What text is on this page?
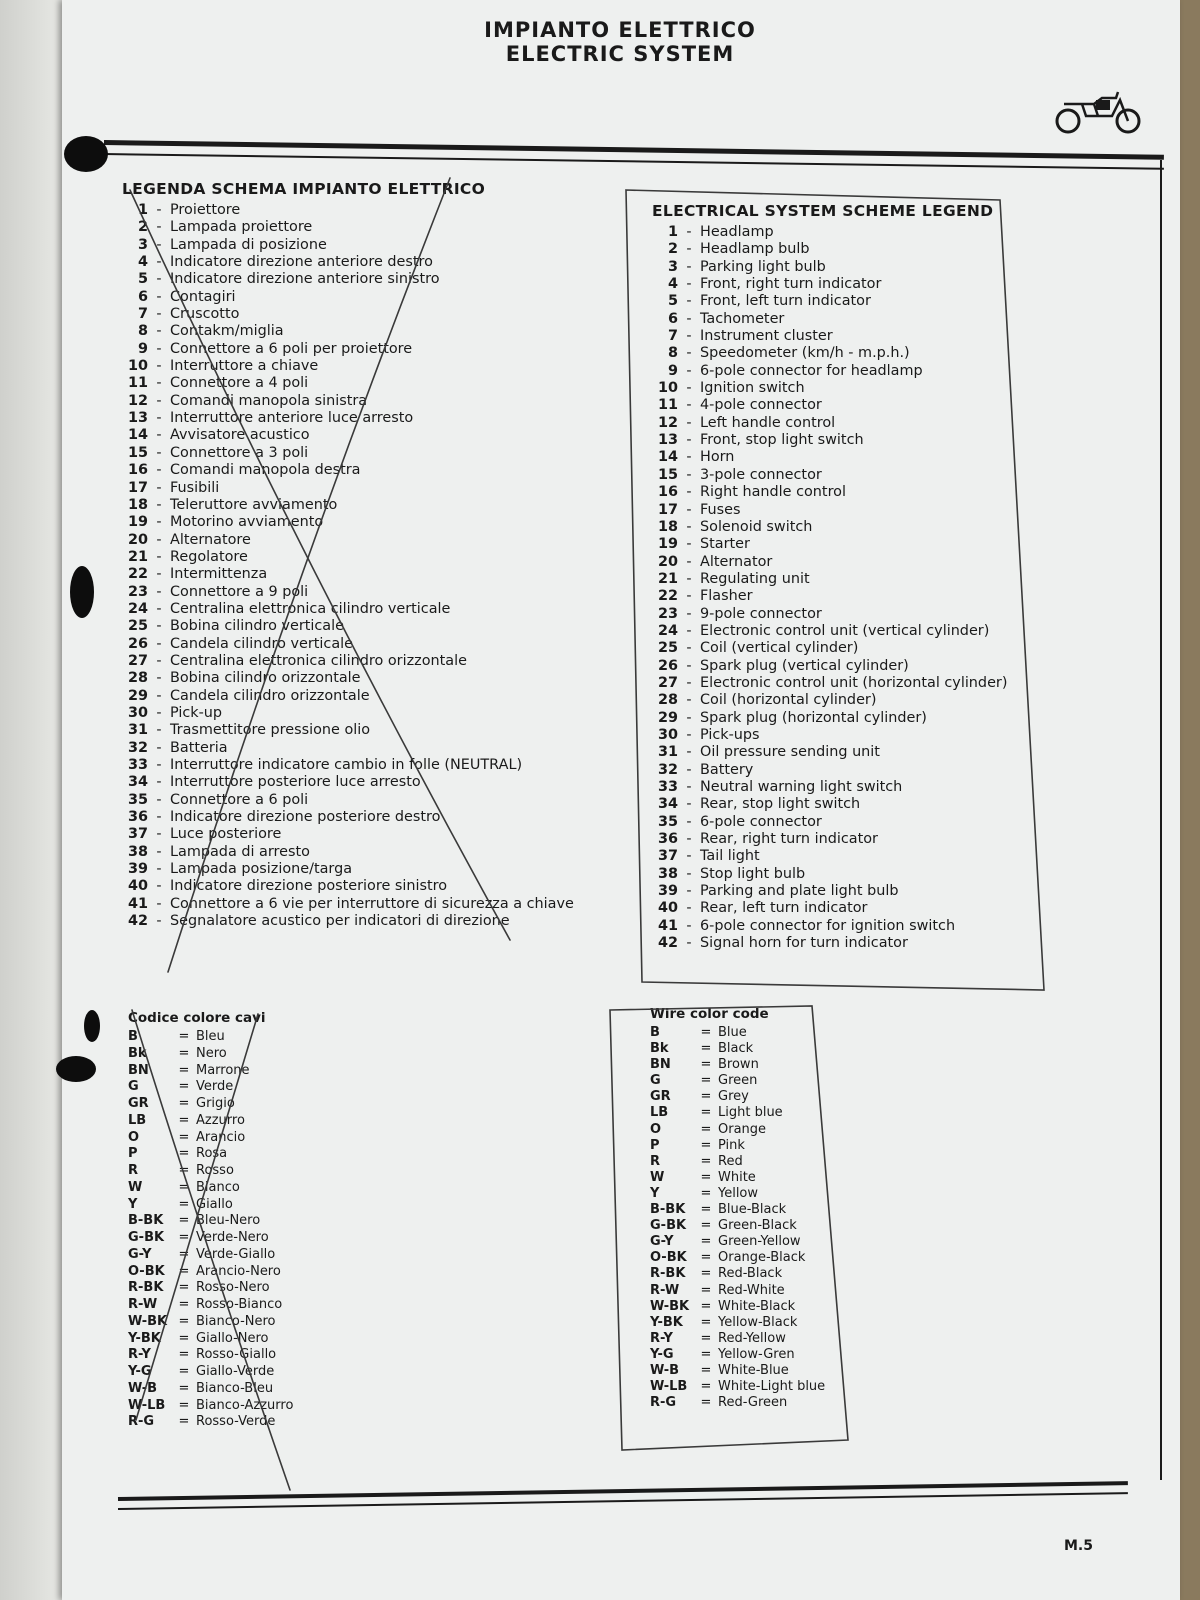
IMPIANTO ELETTRICO
ELECTRIC SYSTEM
LEGENDA SCHEMA IMPIANTO ELETTRICO
1 - Proiettore
2 - Lampada proiettore
3 - Lampada di posizione
4 - Indicatore direzione anteriore destro
5 - Indicatore direzione anteriore sinistro
6 - Contagiri
7 - Cruscotto
8 - Contakm/miglia
9 - Connettore a 6 poli per proiettore
10 - Interruttore a chiave
11 - Connettore a 4 poli
12 - Comandi manopola sinistra
13 - Interruttore anteriore luce arresto
14 - Avvisatore acustico
15 - Connettore a 3 poli
16 - Comandi manopola destra
17 - Fusibili
18 - Teleruttore avviamento
19 - Motorino avviamento
20 - Alternatore
21 - Regolatore
22 - Intermittenza
23 - Connettore a 9 poli
24 - Centralina elettronica cilindro verticale
25 - Bobina cilindro verticale
26 - Candela cilindro verticale
27 - Centralina elettronica cilindro orizzontale
28 - Bobina cilindro orizzontale
29 - Candela cilindro orizzontale
30 - Pick-up
31 - Trasmettitore pressione olio
32 - Batteria
33 - Interruttore indicatore cambio in folle (NEUTRAL)
34 - Interruttore posteriore luce arresto
35 - Connettore a 6 poli
36 - Indicatore direzione posteriore destro
37 - Luce posteriore
38 - Lampada di arresto
39 - Lampada posizione/targa
40 - Indicatore direzione posteriore sinistro
41 - Connettore a 6 vie per interruttore di sicurezza a chiave
42 - Segnalatore acustico per indicatori di direzione
ELECTRICAL SYSTEM SCHEME LEGEND
1 - Headlamp
2 - Headlamp bulb
3 - Parking light bulb
4 - Front, right turn indicator
5 - Front, left turn indicator
6 - Tachometer
7 - Instrument cluster
8 - Speedometer (km/h - m.p.h.)
9 - 6-pole connector for headlamp
10 - Ignition switch
11 - 4-pole connector
12 - Left handle control
13 - Front, stop light switch
14 - Horn
15 - 3-pole connector
16 - Right handle control
17 - Fuses
18 - Solenoid switch
19 - Starter
20 - Alternator
21 - Regulating unit
22 - Flasher
23 - 9-pole connector
24 - Electronic control unit (vertical cylinder)
25 - Coil (vertical cylinder)
26 - Spark plug (vertical cylinder)
27 - Electronic control unit (horizontal cylinder)
28 - Coil (horizontal cylinder)
29 - Spark plug (horizontal cylinder)
30 - Pick-ups
31 - Oil pressure sending unit
32 - Battery
33 - Neutral warning light switch
34 - Rear, stop light switch
35 - 6-pole connector
36 - Rear, right turn indicator
37 - Tail light
38 - Stop light bulb
39 - Parking and plate light bulb
40 - Rear, left turn indicator
41 - 6-pole connector for ignition switch
42 - Signal horn for turn indicator
Codice colore cavi
B	= Bleu
Bk	= Nero
BN	= Marrone
G	= Verde
GR	= Grigio
LB	= Azzurro
O	= Arancio
P	= Rosa
R	= Rosso
W	= Bianco
Y	= Giallo
B-BK	= Bleu-Nero
G-BK	= Verde-Nero
G-Y	= Verde-Giallo
O-BK	= Arancio-Nero
R-BK	= Rosso-Nero
R-W	= Rosso-Bianco
W-BK = Bianco-Nero
Y-BK	= Giallo-Nero
R-Y	= Rosso-Giallo
Y-G	= Giallo-Verde
W-B	= Bianco-Bleu
W-LB	= Bianco-Azzurro
R-G	= Rosso-Verde
Wire color code
B	= Blue
Bk	= Black
BN	= Brown
G	= Green
GR	= Grey
LB	= Light blue
O	= Orange
P	= Pink
R	= Red
W	= White
Y	= Yellow
B-BK	= Blue-Black
G-BK	= Green-Black
G-Y	= Green-Yellow
O-BK	= Orange-Black
R-BK	= Red-Black
R-W	= Red-White
W-BK = White-Black
Y-BK	= Yellow-Black
R-Y	= Red-Yellow
Y-G	= Yellow-Gren
W-B	= White-Blue
W-LB	= White-Light blue
R-G	= Red-Green
M.5
